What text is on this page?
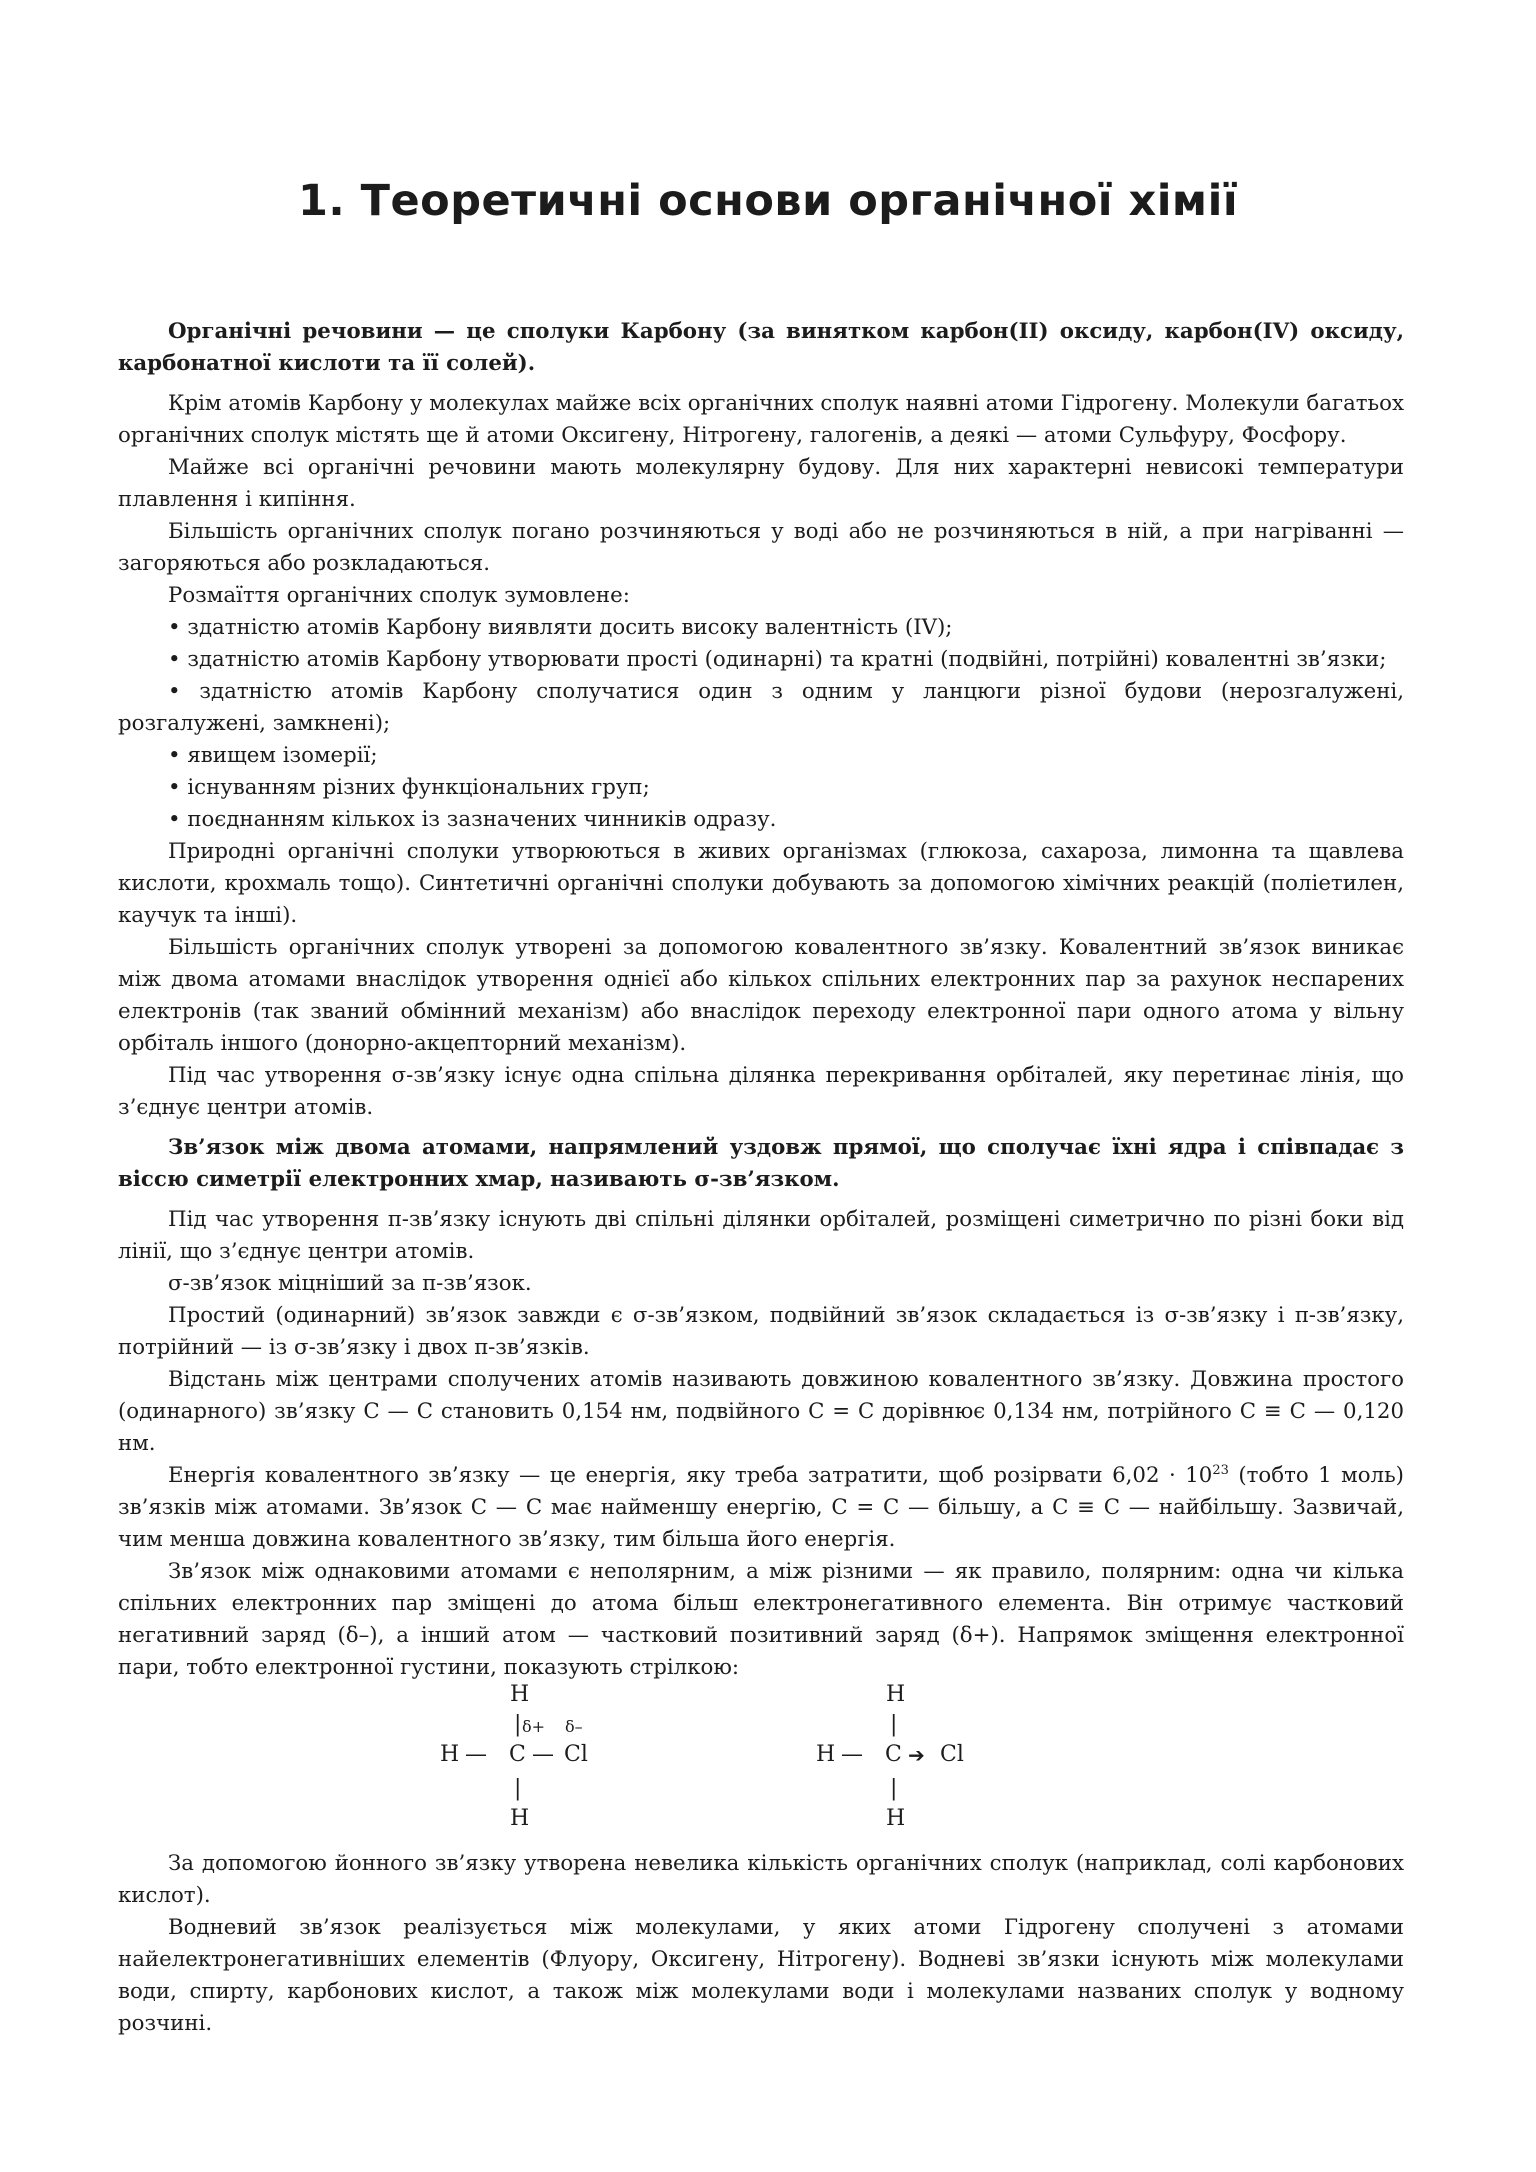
1. Теоретичні основи органічної хімії

Органічні речовини — це сполуки Карбону (за винятком карбон(II) оксиду, карбон(IV) оксиду, карбонатної кислоти та її солей).

Крім атомів Карбону у молекулах майже всіх органічних сполук наявні атоми Гідрогену. Молекули багатьох органічних сполук містять ще й атоми Оксигену, Нітрогену, галогенів, а деякі — атоми Сульфуру, Фосфору.

Майже всі органічні речовини мають молекулярну будову. Для них характерні невисокі температури плавлення і кипіння.

Більшість органічних сполук погано розчиняються у воді або не розчиняються в ній, а при нагріванні — загоряються або розкладаються.

Розмаїття органічних сполук зумовлене:

• здатністю атомів Карбону виявляти досить високу валентність (IV);

• здатністю атомів Карбону утворювати прості (одинарні) та кратні (подвійні, потрійні) ковалентні зв’язки;

• здатністю атомів Карбону сполучатися один з одним у ланцюги різної будови (нерозгалужені, розгалужені, замкнені);

• явищем ізомерії;

• існуванням різних функціональних груп;

• поєднанням кількох із зазначених чинників одразу.

Природні органічні сполуки утворюються в живих організмах (глюкоза, сахароза, лимонна та щавлева кислоти, крохмаль тощо). Синтетичні органічні сполуки добувають за допомогою хімічних реакцій (поліетилен, каучук та інші).

Більшість органічних сполук утворені за допомогою ковалентного зв’язку. Ковалентний зв’язок виникає між двома атомами внаслідок утворення однієї або кількох спільних електронних пар за рахунок неспарених електронів (так званий обмінний механізм) або внаслідок переходу електронної пари одного атома у вільну орбіталь іншого (донорно-акцепторний механізм).

Під час утворення σ-зв’язку існує одна спільна ділянка перекривання орбіталей, яку перетинає лінія, що з’єднує центри атомів.

Зв’язок між двома атомами, напрямлений уздовж прямої, що сполучає їхні ядра і співпадає з віссю симетрії електронних хмар, називають σ-зв’язком.

Під час утворення π-зв’язку існують дві спільні ділянки орбіталей, розміщені симетрично по різні боки від лінії, що з’єднує центри атомів.

σ-зв’язок міцніший за π-зв’язок.

Простий (одинарний) зв’язок завжди є σ-зв’язком, подвійний зв’язок складається із σ-зв’язку і π-зв’язку, потрійний — із σ-зв’язку і двох π-зв’язків.

Відстань між центрами сполучених атомів називають довжиною ковалентного зв’язку. Довжина простого (одинарного) зв’язку C — C становить 0,154 нм, подвійного C = C дорівнює 0,134 нм, потрійного C ≡ C — 0,120 нм.

Енергія ковалентного зв’язку — це енергія, яку треба затратити, щоб розірвати $6,02 \cdot 10^{23}$ (тобто 1 моль) зв’язків між атомами. Зв’язок C — C має найменшу енергію, C = C — більшу, а C ≡ C — найбільшу. Зазвичай, чим менша довжина ковалентного зв’язку, тим більша його енергія.

Зв’язок між однаковими атомами є неполярним, а між різними — як правило, полярним: одна чи кілька спільних електронних пар зміщені до атома більш електронегативного елемента. Він отримує частковий негативний заряд (δ–), а інший атом — частковий позитивний заряд (δ+). Напрямок зміщення електронної пари, тобто електронної густини, показують стрілкою:

H
| δ+ δ–
H — C — Cl
|
H
H
|
H — C ➔ Cl
|
H

За допомогою йонного зв’язку утворена невелика кількість органічних сполук (наприклад, солі карбонових кислот).

Водневий зв’язок реалізується між молекулами, у яких атоми Гідрогену сполучені з атомами найелектронегативніших елементів (Флуору, Оксигену, Нітрогену). Водневі зв’язки існують між молекулами води, спирту, карбонових кислот, а також між молекулами води і молекулами названих сполук у водному розчині.
